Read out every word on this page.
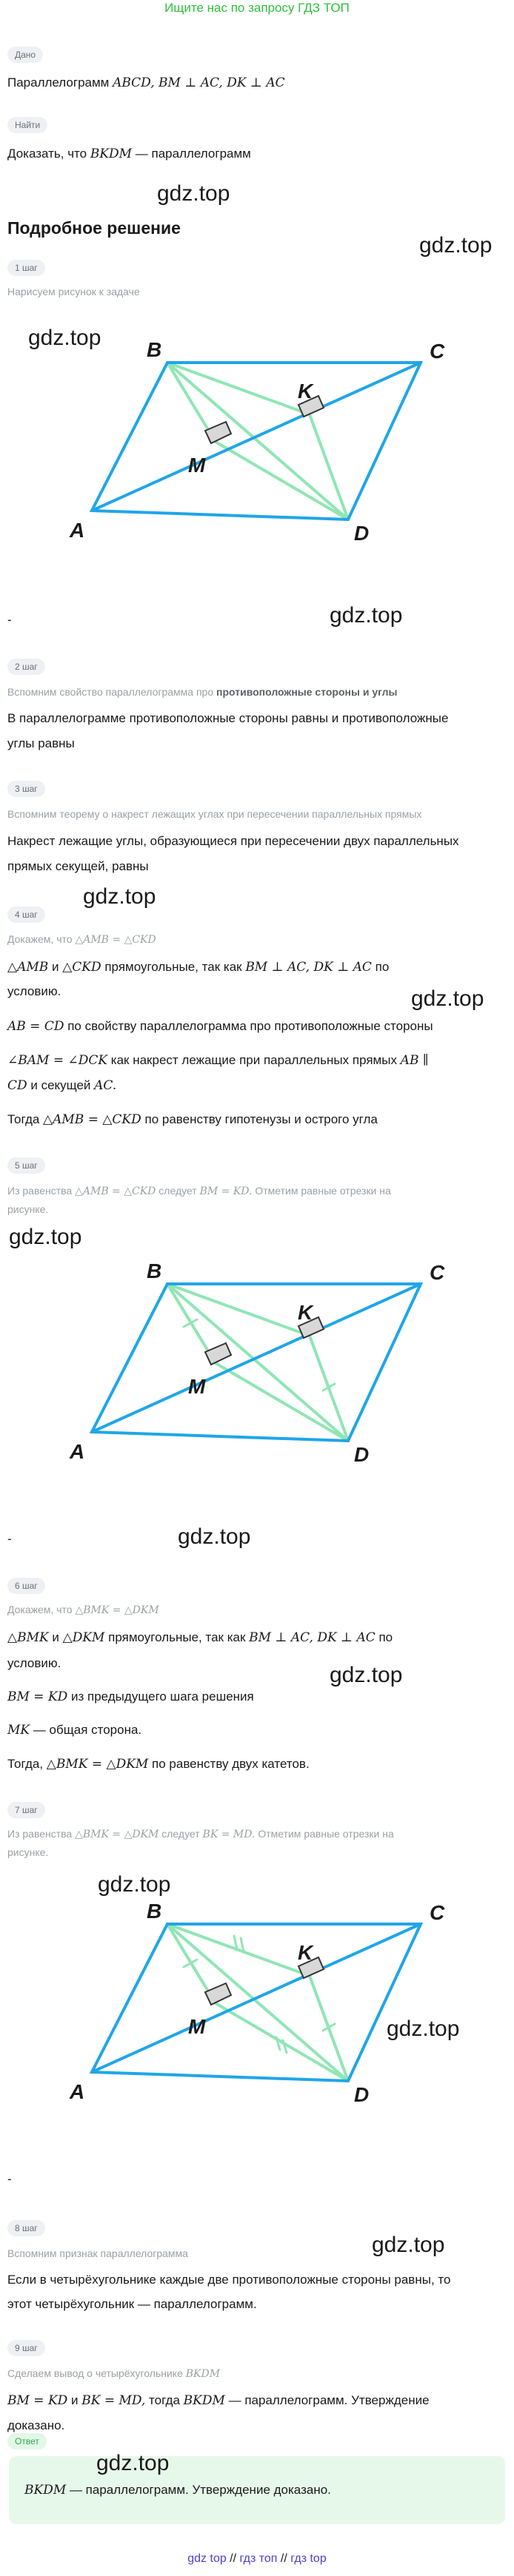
Ищите нас по запросу ГДЗ ТОП
Дано
Параллелограмм ABCD, BM ⊥ AC, DK ⊥ AC
Найти
Доказать, что BKDM — параллелограмм
gdz.top
gdz.top
Подробное решение
1 шаг
Нарисуем рисунок к задаче
gdz.top
A
B	C
D
K
M
-	gdz.top
2 шаг
Вспомним свойство параллелограмма про противоположные стороны и углы
В параллелограмме противоположные стороны равны и противоположные
углы равны
3 шаг
Вспомним теорему о накрест лежащих углах при пересечении параллельных прямых
Накрест лежащие углы, образующиеся при пересечении двух параллельных
прямых секущей, равны
gdz.top
4 шаг
Докажем, что △AMB = △CKD
gdz.top
△AMB и △CKD прямоугольные, так как BM ⊥ AC, DK ⊥ AC по
условию.
AB = CD по свойству параллелограмма про противоположные стороны
∠BAM = ∠DCK как накрест лежащие при параллельных прямых AB ∥
CD и секущей AC.
Тогда △AMB = △CKD по равенству гипотенузы и острого угла
5 шаг
Из равенства △AMB = △CKD следует BM = KD. Отметим равные отрезки на
рисунке.
gdz.top
A
B	C
D
K
M
-	gdz.top
6 шаг
Докажем, что △BMK = △DKM
△BMK и △DKM прямоугольные, так как BM ⊥ AC, DK ⊥ AC по
условию.	gdz.top
BM = KD из предыдущего шага решения
MK — общая сторона.
Тогда, △BMK = △DKM по равенству двух катетов.
7 шаг
Из равенства △BMK = △DKM следует BK = MD. Отметим равные отрезки на
рисунке.
gdz.top
A
B	C
D
K
M	gdz.top
-
gdz.top
8 шаг
Вспомним признак параллелограмма
Если в четырёхугольнике каждые две противоположные стороны равны, то
этот четырёхугольник — параллелограмм.
9 шаг
Сделаем вывод о четырёхугольнике BKDM
BM = KD и BK = MD, тогда BKDM — параллелограмм. Утверждение
доказано.
Ответ
gdz.top
BKDM — параллелограмм. Утверждение доказано.
gdz top // гдз топ // гдз top
